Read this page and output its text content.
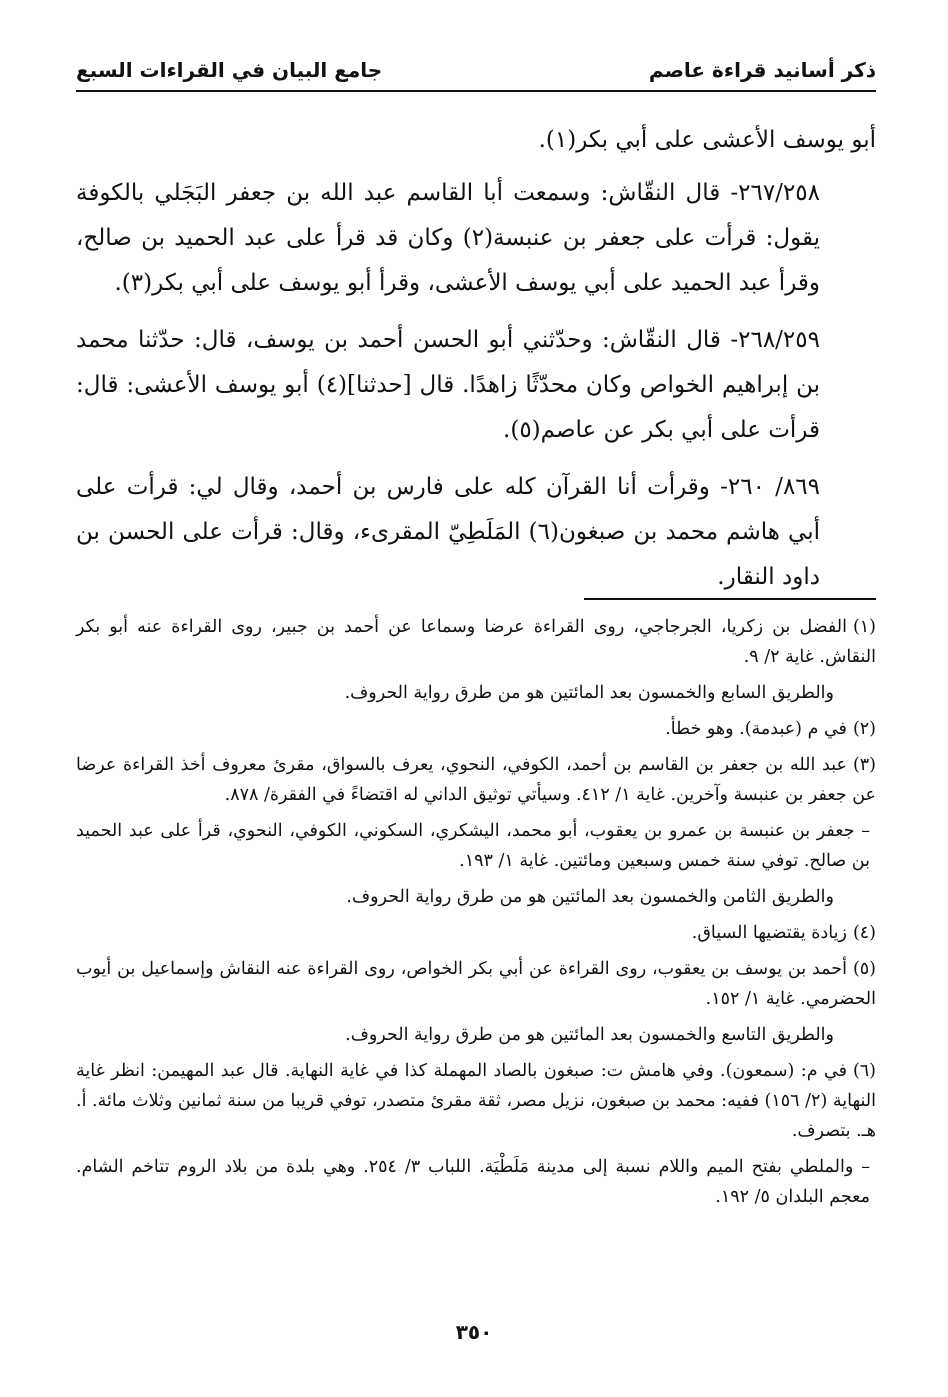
جامع البيان في القراءات السبع	ذكر أسانيد قراءة عاصم

أبو يوسف الأعشى على أبي بكر(١).

٢٦٧/٢٥٨- قال النقّاش: وسمعت أبا القاسم عبد الله بن جعفر البَجَلي بالكوفة يقول: قرأت على جعفر بن عنبسة(٢) وكان قد قرأ على عبد الحميد بن صالح، وقرأ عبد الحميد على أبي يوسف الأعشى، وقرأ أبو يوسف على أبي بكر(٣).

٢٦٨/٢٥٩- قال النقّاش: وحدّثني أبو الحسن أحمد بن يوسف، قال: حدّثنا محمد بن إبراهيم الخواص وكان محدّثًا زاهدًا. قال [حدثنا](٤) أبو يوسف الأعشى: قال: قرأت على أبي بكر عن عاصم(٥).

٨٦٩/ ٢٦٠- وقرأت أنا القرآن كله على فارس بن أحمد، وقال لي: قرأت على أبي هاشم محمد بن صبغون(٦) المَلَطِيّ المقرىء، وقال: قرأت على الحسن بن داود النقار.

(١)الفضل بن زكريا، الجرجاجي، روى القراءة عرضا وسماعا عن أحمد بن جبير، روى القراءة عنه أبو بكر النقاش. غاية ٢/ ٩.
والطريق السابع والخمسون بعد المائتين هو من طرق رواية الحروف.
(٢)في م (عبدمة). وهو خطأ.
(٣)عبد الله بن جعفر بن القاسم بن أحمد، الكوفي، النحوي، يعرف بالسواق، مقرئ معروف أخذ القراءة عرضا عن جعفر بن عنبسة وآخرين. غاية ١/ ٤١٢. وسيأتي توثيق الداني له اقتضاءً في الفقرة/ ٨٧٨.
– جعفر بن عنبسة بن عمرو بن يعقوب، أبو محمد، اليشكري، السكوني، الكوفي، النحوي، قرأ على عبد الحميد بن صالح. توفي سنة خمس وسبعين ومائتين. غاية ١/ ١٩٣.
والطريق الثامن والخمسون بعد المائتين هو من طرق رواية الحروف.
(٤)زيادة يقتضيها السياق.
(٥)أحمد بن يوسف بن يعقوب، روى القراءة عن أبي بكر الخواص، روى القراءة عنه النقاش وإسماعيل بن أيوب الحضرمي. غاية ١/ ١٥٢.
والطريق التاسع والخمسون بعد المائتين هو من طرق رواية الحروف.
(٦)في م: (سمعون). وفي هامش ت: صبغون بالصاد المهملة كذا في غاية النهاية. قال عبد المهيمن: انظر غاية النهاية (٢/ ١٥٦) ففيه: محمد بن صبغون، نزيل مصر، ثقة مقرئ متصدر، توفي قريبا من سنة ثمانين وثلاث مائة. أ. هـ. بتصرف.
– والملطي بفتح الميم واللام نسبة إلى مدينة مَلَطْيَة. اللباب ٣/ ٢٥٤. وهي بلدة من بلاد الروم تتاخم الشام. معجم البلدان ٥/ ١٩٢.
٣٥٠
